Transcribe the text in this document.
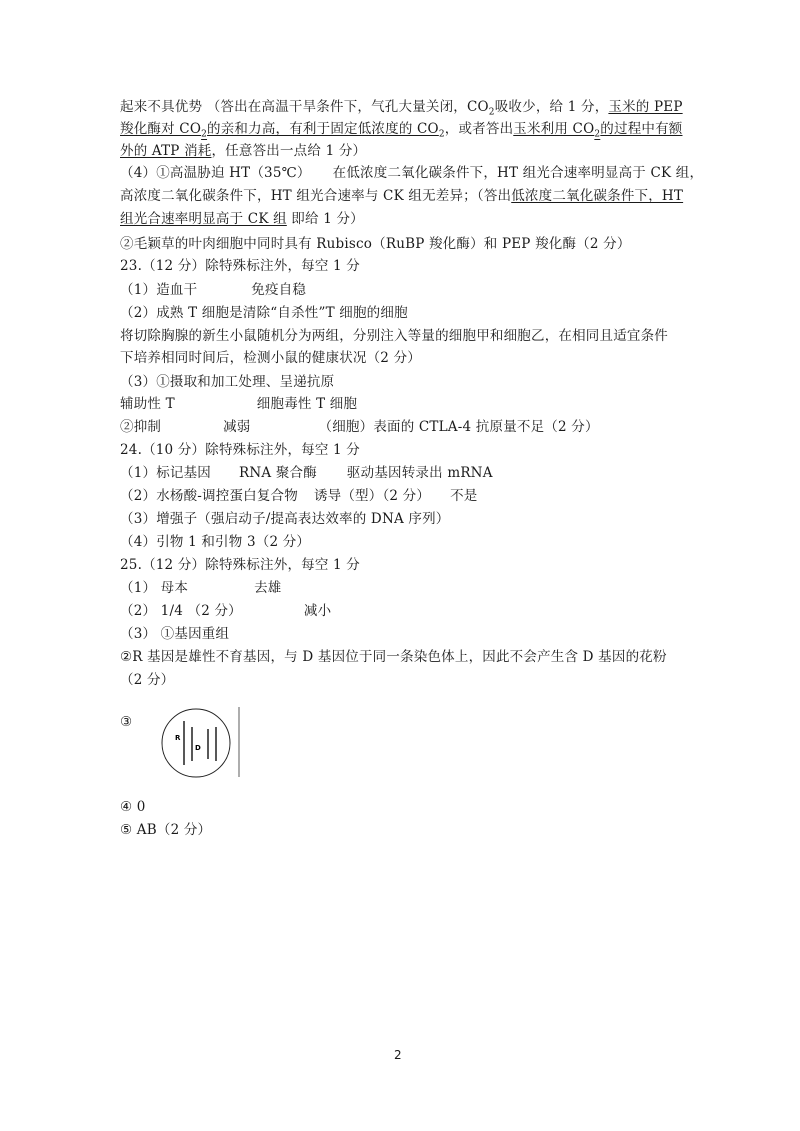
起来不具优势 （答出在高温干旱条件下，气孔大量关闭，$CO_2$吸收少，给 1 分，玉米的 PEP
羧化酶对 $CO_2$的亲和力高，有利于固定低浓度的 $CO_2$，或者答出玉米利用 $CO_2$的过程中有额
外的 ATP 消耗，任意答出一点给 1 分）
（4）①高温胁迫 HT（35℃） 在低浓度二氧化碳条件下，HT 组光合速率明显高于 CK 组，
高浓度二氧化碳条件下，HT 组光合速率与 CK 组无差异；（答出低浓度二氧化碳条件下，HT
组光合速率明显高于 CK 组 即给 1 分）
②毛颖草的叶肉细胞中同时具有 Rubisco（RuBP 羧化酶）和 PEP 羧化酶（2 分）
23.（12 分）除特殊标注外，每空 1 分
（1）造血干	免疫自稳
（2）成熟 T 细胞是清除“自杀性”T 细胞的细胞
将切除胸腺的新生小鼠随机分为两组，分别注入等量的细胞甲和细胞乙，在相同且适宜条件
下培养相同时间后，检测小鼠的健康状况（2 分）
（3）①摄取和加工处理、呈递抗原
辅助性 T	细胞毒性 T 细胞
②抑制	减弱	（细胞）表面的 CTLA-4 抗原量不足（2 分）
24.（10 分）除特殊标注外，每空 1 分
（1）标记基因 RNA 聚合酶 驱动基因转录出 mRNA
（2）水杨酸-调控蛋白复合物 诱导（型）（2 分） 不是
（3）增强子（强启动子/提高表达效率的 DNA 序列）
（4）引物 1 和引物 3（2 分）
25.（12 分）除特殊标注外，每空 1 分
（1） 母本	去雄
（2） 1/4 （2 分）	减小
（3） ①基因重组
②R 基因是雄性不育基因，与 D 基因位于同一条染色体上，因此不会产生含 D 基因的花粉
（2 分）
③
R
D
④ 0
⑤ AB（2 分）
2
